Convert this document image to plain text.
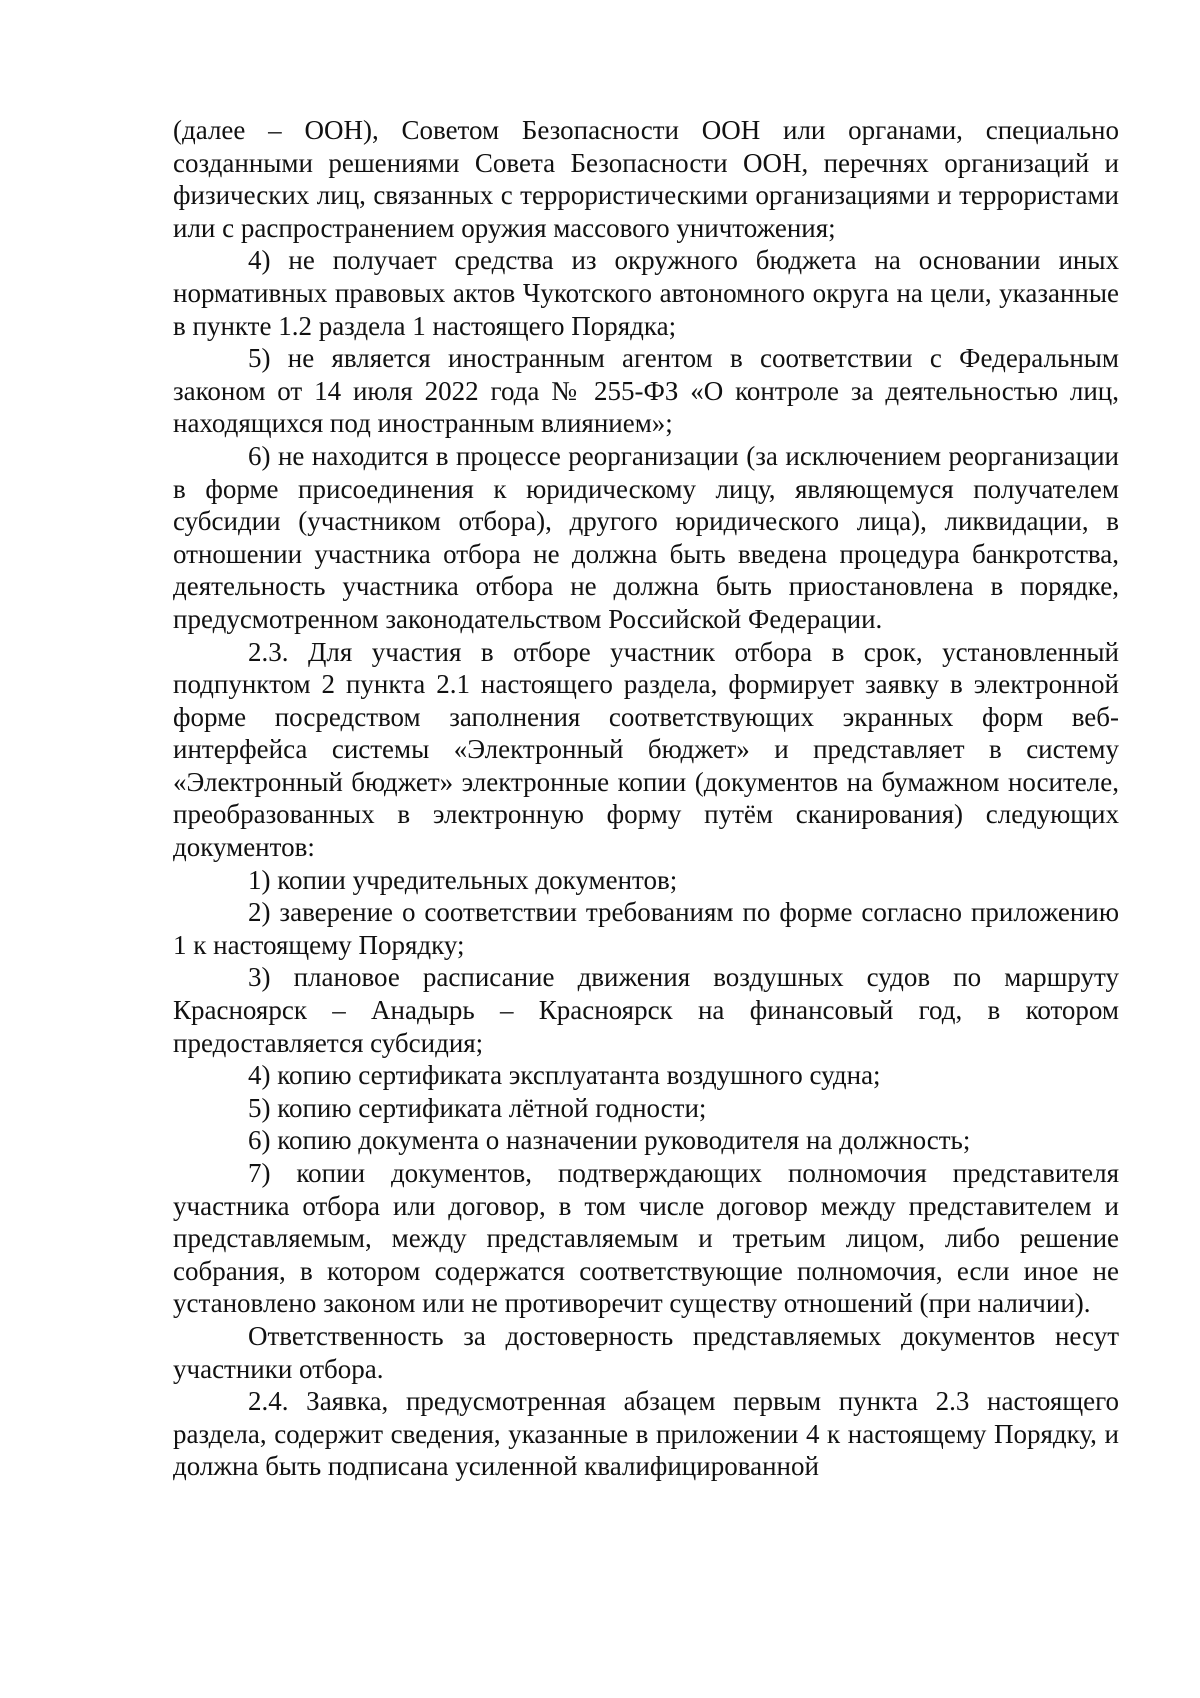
(далее – ООН), Советом Безопасности ООН или органами, специально созданными решениями Совета Безопасности ООН, перечнях организаций и физических лиц, связанных с террористическими организациями и террористами или с распространением оружия массового уничтожения;

4) не получает средства из окружного бюджета на основании иных нормативных правовых актов Чукотского автономного округа на цели, указанные в пункте 1.2 раздела 1 настоящего Порядка;

5) не является иностранным агентом в соответствии с Федеральным законом от 14 июля 2022 года № 255-ФЗ «О контроле за деятельностью лиц, находящихся под иностранным влиянием»;

6) не находится в процессе реорганизации (за исключением реорганизации в форме присоединения к юридическому лицу, являющемуся получателем субсидии (участником отбора), другого юридического лица), ликвидации, в отношении участника отбора не должна быть введена процедура банкротства, деятельность участника отбора не должна быть приостановлена в порядке, предусмотренном законодательством Российской Федерации.

2.3. Для участия в отборе участник отбора в срок, установленный подпунктом 2 пункта 2.1 настоящего раздела, формирует заявку в электронной форме посредством заполнения соответствующих экранных форм веб-интерфейса системы «Электронный бюджет» и представляет в систему «Электронный бюджет» электронные копии (документов на бумажном носителе, преобразованных в электронную форму путём сканирования) следующих документов:

1) копии учредительных документов;

2) заверение о соответствии требованиям по форме согласно приложению 1 к настоящему Порядку;

3) плановое расписание движения воздушных судов по маршруту Красноярск – Анадырь – Красноярск на финансовый год, в котором предоставляется субсидия;

4) копию сертификата эксплуатанта воздушного судна;

5) копию сертификата лётной годности;

6) копию документа о назначении руководителя на должность;

7) копии документов, подтверждающих полномочия представителя участника отбора или договор, в том числе договор между представителем и представляемым, между представляемым и третьим лицом, либо решение собрания, в котором содержатся соответствующие полномочия, если иное не установлено законом или не противоречит существу отношений (при наличии).

Ответственность за достоверность представляемых документов несут участники отбора.

2.4. Заявка, предусмотренная абзацем первым пункта 2.3 настоящего раздела, содержит сведения, указанные в приложении 4 к настоящему Порядку, и должна быть подписана усиленной квалифицированной
